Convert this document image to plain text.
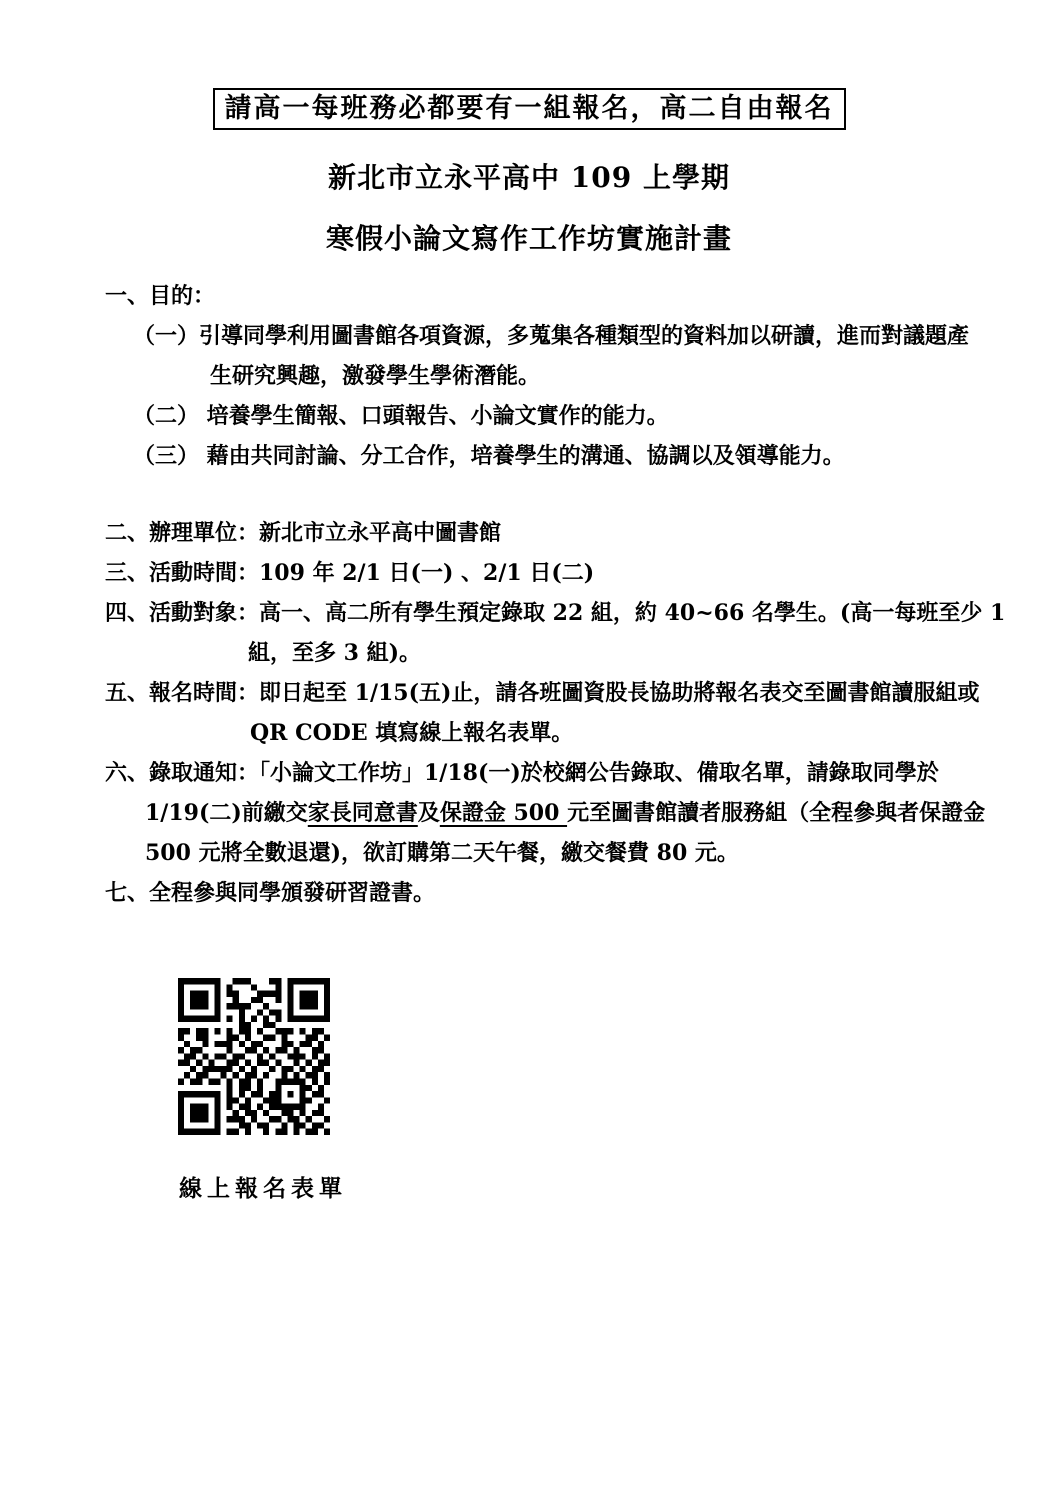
請高一每班務必都要有一組報名，高二自由報名
新北市立永平高中 109 上學期
寒假小論文寫作工作坊實施計畫
一、目的：
（一）引導同學利用圖書館各項資源，多蒐集各種類型的資料加以研讀，進而對議題產
生研究興趣，激發學生學術潛能。
（二） 培養學生簡報、口頭報告、小論文實作的能力。
（三） 藉由共同討論、分工合作，培養學生的溝通、協調以及領導能力。
二、辦理單位：新北市立永平高中圖書館
三、活動時間：109 年 2/1 日(一) 、2/1 日(二)
四、活動對象：高一、高二所有學生預定錄取 22 組，約 40~66 名學生。(高一每班至少 1
組，至多 3 組)。
五、報名時間：即日起至 1/15(五)止，請各班圖資股長協助將報名表交至圖書館讀服組或
QR CODE 填寫線上報名表單。
六、錄取通知：「小論文工作坊」1/18(一)於校網公告錄取、備取名單，請錄取同學於
1/19(二)前繳交家長同意書及保證金 500 元至圖書館讀者服務組（全程參與者保證金
500 元將全數退還)，欲訂購第二天午餐，繳交餐費 80 元。
七、全程參與同學頒發研習證書。
線上報名表單
